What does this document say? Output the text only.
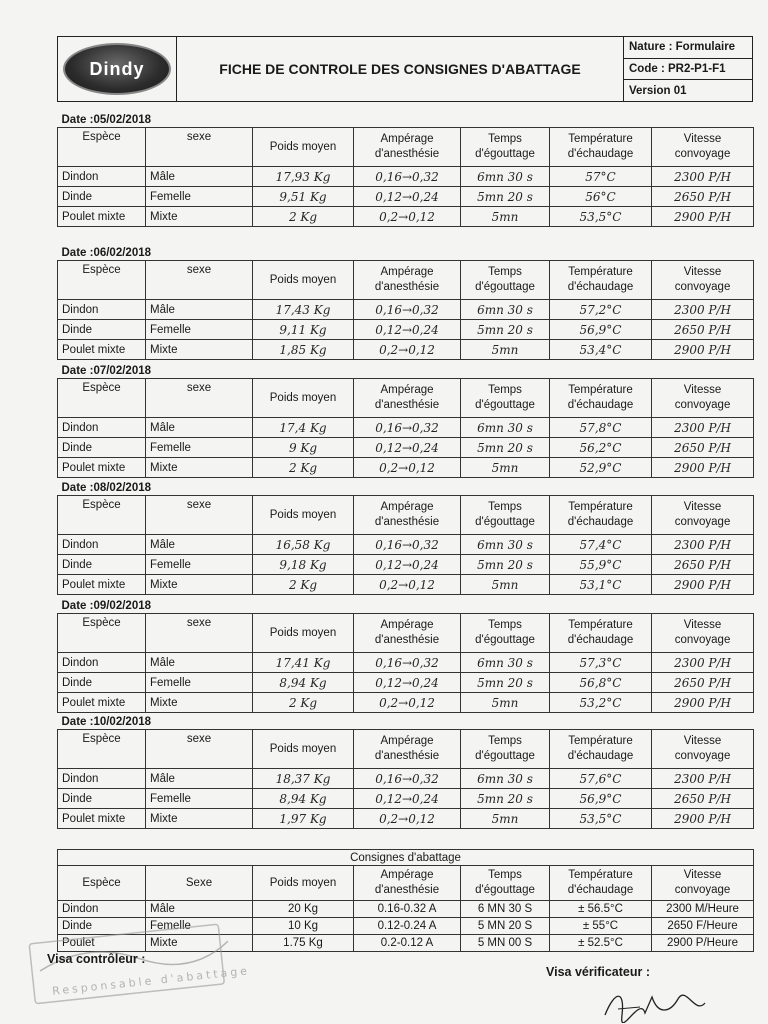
Dindy	FICHE DE CONTROLE DES CONSIGNES D'ABATTAGE
Nature : Formulaire
Code : PR2-P1-F1
Version 01
Date :05/02/2018						
Espèce	sexe	Poids moyen	Ampérage d'anesthésie	Temps d'égouttage	Température d'échaudage	Vitesse convoyage
Dindon	Mâle	17,93 Kg	0,16→0,32	6mn 30 s	57°C	2300 P/H
Dinde	Femelle	9,51 Kg	0,12→0,24	5mn 20 s	56°C	2650 P/H
Poulet mixte	Mixte	2 Kg	0,2→0,12	5mn	53,5°C	2900 P/H
Date :06/02/2018						
Espèce	sexe	Poids moyen	Ampérage d'anesthésie	Temps d'égouttage	Température d'échaudage	Vitesse convoyage
Dindon	Mâle	17,43 Kg	0,16→0,32	6mn 30 s	57,2°C	2300 P/H
Dinde	Femelle	9,11 Kg	0,12→0,24	5mn 20 s	56,9°C	2650 P/H
Poulet mixte	Mixte	1,85 Kg	0,2→0,12	5mn	53,4°C	2900 P/H
Date :07/02/2018						
Espèce	sexe	Poids moyen	Ampérage d'anesthésie	Temps d'égouttage	Température d'échaudage	Vitesse convoyage
Dindon	Mâle	17,4 Kg	0,16→0,32	6mn 30 s	57,8°C	2300 P/H
Dinde	Femelle	9 Kg	0,12→0,24	5mn 20 s	56,2°C	2650 P/H
Poulet mixte	Mixte	2 Kg	0,2→0,12	5mn	52,9°C	2900 P/H
Date :08/02/2018						
Espèce	sexe	Poids moyen	Ampérage d'anesthésie	Temps d'égouttage	Température d'échaudage	Vitesse convoyage
Dindon	Mâle	16,58 Kg	0,16→0,32	6mn 30 s	57,4°C	2300 P/H
Dinde	Femelle	9,18 Kg	0,12→0,24	5mn 20 s	55,9°C	2650 P/H
Poulet mixte	Mixte	2 Kg	0,2→0,12	5mn	53,1°C	2900 P/H
Date :09/02/2018						
Espèce	sexe	Poids moyen	Ampérage d'anesthésie	Temps d'égouttage	Température d'échaudage	Vitesse convoyage
Dindon	Mâle	17,41 Kg	0,16→0,32	6mn 30 s	57,3°C	2300 P/H
Dinde	Femelle	8,94 Kg	0,12→0,24	5mn 20 s	56,8°C	2650 P/H
Poulet mixte	Mixte	2 Kg	0,2→0,12	5mn	53,2°C	2900 P/H
Date :10/02/2018						
Espèce	sexe	Poids moyen	Ampérage d'anesthésie	Temps d'égouttage	Température d'échaudage	Vitesse convoyage
Dindon	Mâle	18,37 Kg	0,16→0,32	6mn 30 s	57,6°C	2300 P/H
Dinde	Femelle	8,94 Kg	0,12→0,24	5mn 20 s	56,9°C	2650 P/H
Poulet mixte	Mixte	1,97 Kg	0,2→0,12	5mn	53,5°C	2900 P/H
Consignes d'abattage						
Espèce	Sexe	Poids moyen	Ampérage d'anesthésie	Temps d'égouttage	Température d'échaudage	Vitesse convoyage
Dindon	Mâle	20 Kg	0.16-0.32 A	6 MN 30 S	± 56.5°C	2300 M/Heure
Dinde	Femelle	10 Kg	0.12-0.24 A	5 MN 20 S	± 55°C	2650 F/Heure
Poulet	Mixte	1.75 Kg	0.2-0.12 A	5 MN 00 S	± 52.5°C	2900 P/Heure
Responsable d'abattage
Visa contrôleur :
Visa vérificateur :
